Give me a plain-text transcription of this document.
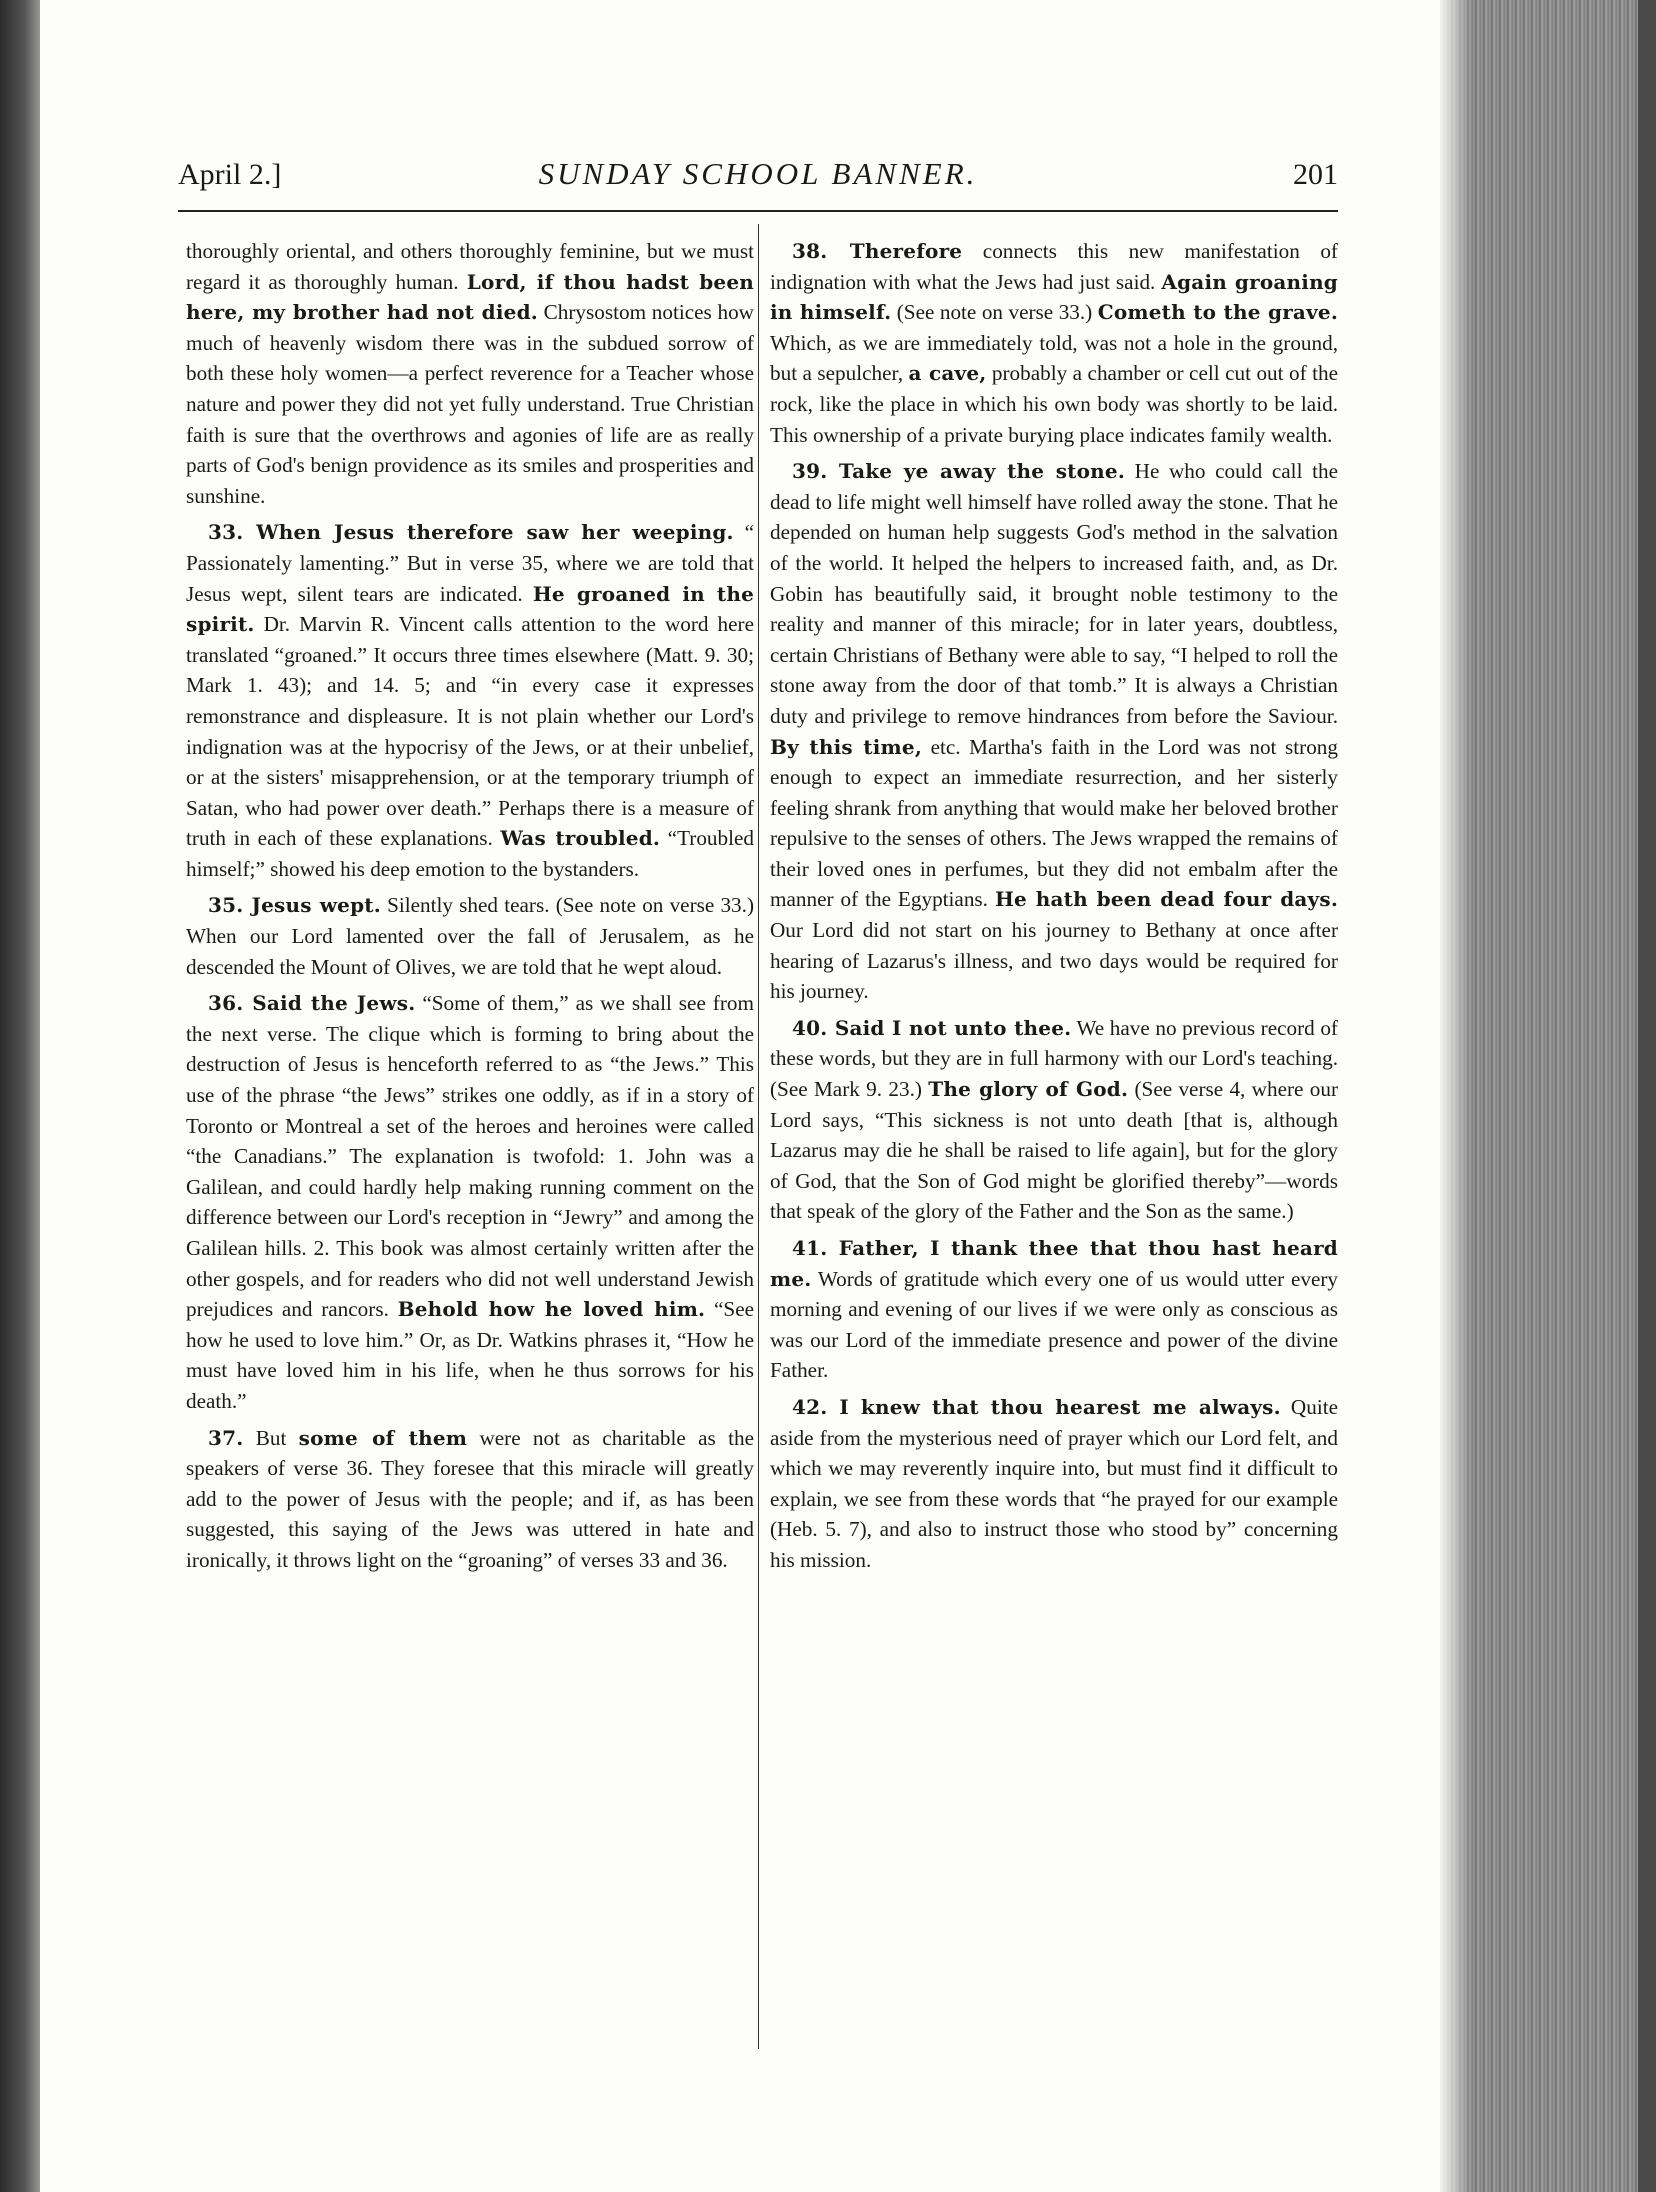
April 2.]	SUNDAY SCHOOL BANNER.	201

thoroughly oriental, and others thoroughly feminine, but we must regard it as thoroughly human. Lord, if thou hadst been here, my brother had not died. Chrysostom notices how much of heavenly wisdom there was in the subdued sorrow of both these holy women—a perfect reverence for a Teacher whose nature and power they did not yet fully understand. True Christian faith is sure that the overthrows and agonies of life are as really parts of God's benign providence as its smiles and prosperities and sunshine.

33. When Jesus therefore saw her weeping. “ Passionately lamenting.” But in verse 35, where we are told that Jesus wept, silent tears are indicated. He groaned in the spirit. Dr. Marvin R. Vincent calls attention to the word here translated “groaned.” It occurs three times elsewhere (Matt. 9. 30; Mark 1. 43); and 14. 5; and “in every case it expresses remonstrance and displeasure. It is not plain whether our Lord's indignation was at the hypocrisy of the Jews, or at their unbelief, or at the sisters' misapprehension, or at the temporary triumph of Satan, who had power over death.” Perhaps there is a measure of truth in each of these explanations. Was troubled. “Troubled himself;” showed his deep emotion to the bystanders.

35. Jesus wept. Silently shed tears. (See note on verse 33.) When our Lord lamented over the fall of Jerusalem, as he descended the Mount of Olives, we are told that he wept aloud.

36. Said the Jews. “Some of them,” as we shall see from the next verse. The clique which is forming to bring about the destruction of Jesus is henceforth referred to as “the Jews.” This use of the phrase “the Jews” strikes one oddly, as if in a story of Toronto or Montreal a set of the heroes and heroines were called “the Canadians.” The explanation is twofold: 1. John was a Galilean, and could hardly help making running comment on the difference between our Lord's reception in “Jewry” and among the Galilean hills. 2. This book was almost certainly written after the other gospels, and for readers who did not well understand Jewish prejudices and rancors. Behold how he loved him. “See how he used to love him.” Or, as Dr. Watkins phrases it, “How he must have loved him in his life, when he thus sorrows for his death.”

37. But some of them were not as charitable as the speakers of verse 36. They foresee that this miracle will greatly add to the power of Jesus with the people; and if, as has been suggested, this saying of the Jews was uttered in hate and ironically, it throws light on the “groaning” of verses 33 and 36.

38. Therefore connects this new manifestation of indignation with what the Jews had just said. Again groaning in himself. (See note on verse 33.) Cometh to the grave. Which, as we are immediately told, was not a hole in the ground, but a sepulcher, a cave, probably a chamber or cell cut out of the rock, like the place in which his own body was shortly to be laid. This ownership of a private burying place indicates family wealth.

39. Take ye away the stone. He who could call the dead to life might well himself have rolled away the stone. That he depended on human help suggests God's method in the salvation of the world. It helped the helpers to increased faith, and, as Dr. Gobin has beautifully said, it brought noble testimony to the reality and manner of this miracle; for in later years, doubtless, certain Christians of Bethany were able to say, “I helped to roll the stone away from the door of that tomb.” It is always a Christian duty and privilege to remove hindrances from before the Saviour. By this time, etc. Martha's faith in the Lord was not strong enough to expect an immediate resurrection, and her sisterly feeling shrank from anything that would make her beloved brother repulsive to the senses of others. The Jews wrapped the remains of their loved ones in perfumes, but they did not embalm after the manner of the Egyptians. He hath been dead four days. Our Lord did not start on his journey to Bethany at once after hearing of Lazarus's illness, and two days would be required for his journey.

40. Said I not unto thee. We have no previous record of these words, but they are in full harmony with our Lord's teaching. (See Mark 9. 23.) The glory of God. (See verse 4, where our Lord says, “This sickness is not unto death [that is, although Lazarus may die he shall be raised to life again], but for the glory of God, that the Son of God might be glorified thereby”—words that speak of the glory of the Father and the Son as the same.)

41. Father, I thank thee that thou hast heard me. Words of gratitude which every one of us would utter every morning and evening of our lives if we were only as conscious as was our Lord of the immediate presence and power of the divine Father.

42. I knew that thou hearest me always. Quite aside from the mysterious need of prayer which our Lord felt, and which we may reverently inquire into, but must find it difficult to explain, we see from these words that “he prayed for our example (Heb. 5. 7), and also to instruct those who stood by” concerning his mission.
